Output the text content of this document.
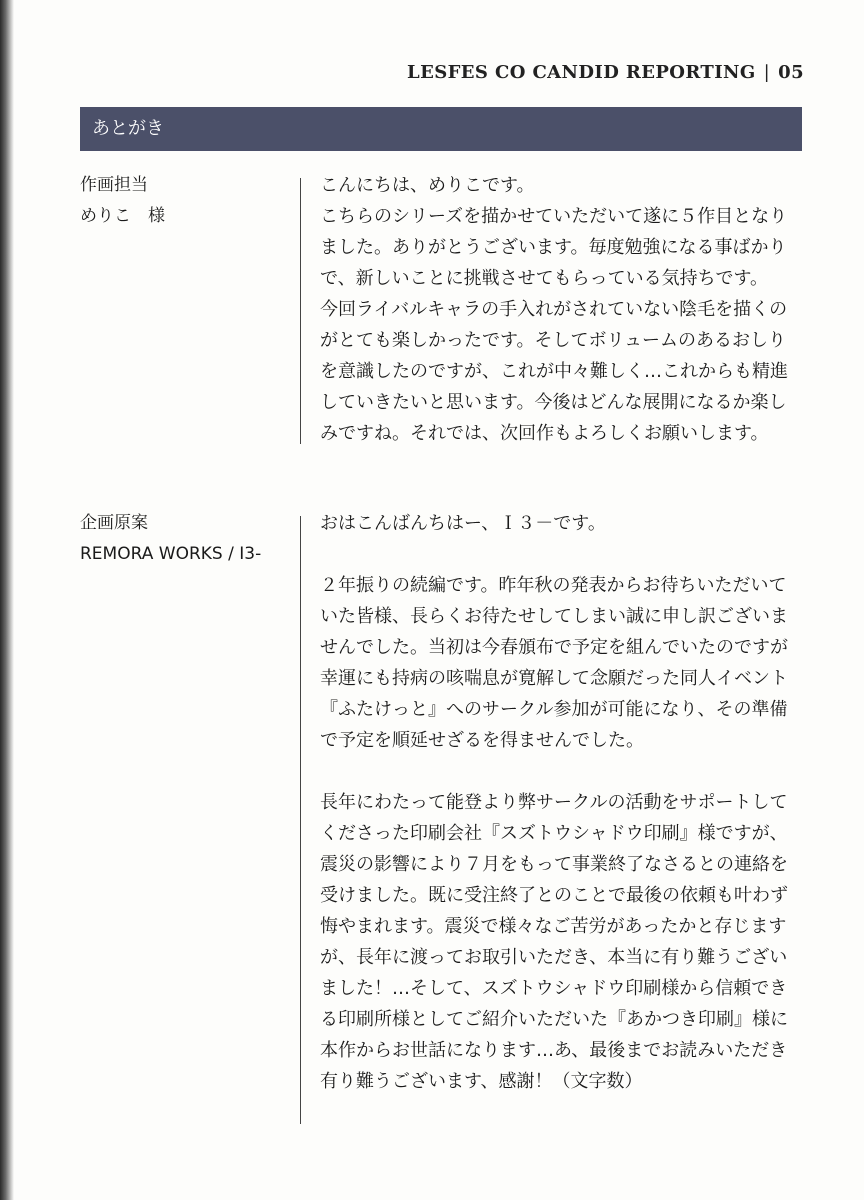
LESFES CO CANDID REPORTING | 05
あとがき
作画担当
めりこ　様

こんにちは、めりこです。

こちらのシリーズを描かせていただいて遂に５作目となりました。ありがとうございます。毎度勉強になる事ばかりで、新しいことに挑戦させてもらっている気持ちです。

今回ライバルキャラの手入れがされていない陰毛を描くのがとても楽しかったです。そしてボリュームのあるおしりを意識したのですが、これが中々難しく…これからも精進していきたいと思います。今後はどんな展開になるか楽しみですね。それでは、次回作もよろしくお願いします。

企画原案
REMORA WORKS / I3-

おはこんばんちはー、Ｉ３－です。

２年振りの続編です。昨年秋の発表からお待ちいただいていた皆様、長らくお待たせしてしまい誠に申し訳ございませんでした。当初は今春頒布で予定を組んでいたのですが幸運にも持病の咳喘息が寛解して念願だった同人イベント『ふたけっと』へのサークル参加が可能になり、その準備で予定を順延せざるを得ませんでした。

長年にわたって能登より弊サークルの活動をサポートしてくださった印刷会社『スズトウシャドウ印刷』様ですが、震災の影響により７月をもって事業終了なさるとの連絡を受けました。既に受注終了とのことで最後の依頼も叶わず悔やまれます。震災で様々なご苦労があったかと存じますが、長年に渡ってお取引いただき、本当に有り難うございました！…そして、スズトウシャドウ印刷様から信頼できる印刷所様としてご紹介いただいた『あかつき印刷』様に本作からお世話になります…あ、最後までお読みいただき有り難うございます、感謝！（文字数）
